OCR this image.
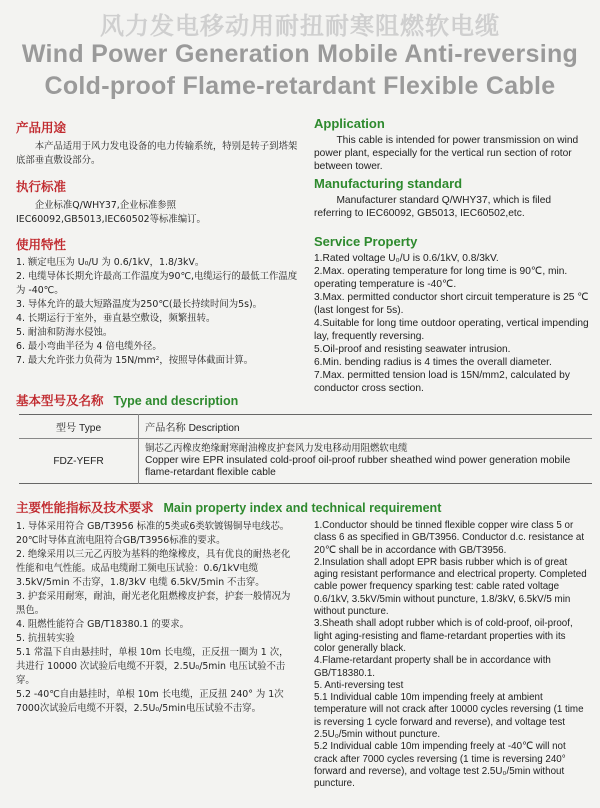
风力发电移动用耐扭耐寒阻燃软电缆
Wind Power Generation Mobile Anti-reversing
Cold-proof Flame-retardant Flexible Cable

产品用途

本产品适用于风力发电设备的电力传输系统，特别是转子到塔架底部垂直敷设部分。

Application

This cable is intended for power transmission on wind power plant, especially for the vertical run section of rotor between tower.

执行标准

企业标准Q/WHY37,企业标准参照IEC60092,GB5013,IEC60502等标准编订。

Manufacturing standard

Manufacturer standard Q/WHY37, which is filed referring to IEC60092, GB5013, IEC60502,etc.

使用特性

1. 额定电压为 U₀/U 为 0.6/1kV，1.8/3kV。
2. 电缆导体长期允许最高工作温度为90℃,电缆运行的最低工作温度为 -40℃。
3. 导体允许的最大短路温度为250℃(最长持续时间为5s)。
4. 长期运行于室外，垂直悬空敷设，频繁扭转。
5. 耐油和防海水侵蚀。
6. 最小弯曲半径为 4 倍电缆外径。
7. 最大允许张力负荷为 15N/mm²，按照导体截面计算。

Service Property

1.Rated voltage U₀/U is 0.6/1kV, 0.8/3kV.
2.Max. operating temperature for long time is 90℃, min. operating temperature is -40℃.
3.Max. permitted conductor short circuit temperature is 25 ℃(last longest for 5s).
4.Suitable for long time outdoor operating, vertical impending lay, frequently reversing.
5.Oil-proof and resisting seawater intrusion.
6.Min. bending radius is 4 times the overall diameter.
7.Max. permitted tension load is 15N/mm2, calculated by conductor cross section.
基本型号及名称 Type and description
型号 Type	产品名称 Description
FDZ-YEFR	铜芯乙丙橡皮绝缘耐寒耐油橡皮护套风力发电移动用阻燃软电缆
Copper wire EPR insulated cold-proof oil-proof rubber sheathed wind power generation mobile flame-retardant flexible cable
主要性能指标及技术要求 Main property index and technical requirement
1. 导体采用符合 GB/T3956 标准的5类或6类软镀锡铜导电线芯。20℃时导体直流电阻符合GB/T3956标准的要求。
2. 绝缘采用以三元乙丙胶为基料的绝缘橡皮，具有优良的耐热老化性能和电气性能。成品电缆耐工频电压试验：0.6/1kV电缆 3.5kV/5min 不击穿，1.8/3kV 电缆 6.5kV/5min 不击穿。
3. 护套采用耐寒，耐油，耐光老化阻燃橡皮护套，护套一般情况为黑色。
4. 阻燃性能符合 GB/T18380.1 的要求。
5. 抗扭转实验
5.1 常温下自由悬挂时，单根 10m 长电缆，正反扭一圈为 1 次，共进行 10000 次试验后电缆不开裂，2.5U₀/5min 电压试验不击穿。
5.2 -40℃自由悬挂时，单根 10m 长电缆，正反扭 240° 为 1次7000次试验后电缆不开裂，2.5U₀/5min电压试验不击穿。
1.Conductor should be tinned flexible copper wire class 5 or class 6 as specified in GB/T3956. Conductor d.c. resistance at 20℃ shall be in accordance with GB/T3956.
2.Insulation shall adopt EPR basis rubber which is of great aging resistant performance and electrical property. Completed cable power frequency sparking test: cable rated voltage 0.6/1kV, 3.5kV/5min without puncture, 1.8/3kV, 6.5kV/5 min without puncture.
3.Sheath shall adopt rubber which is of cold-proof, oil-proof, light aging-resisting and flame-retardant properties with its color generally black.
4.Flame-retardant property shall be in accordance with GB/T18380.1.
5. Anti-reversing test
5.1 Individual cable 10m impending freely at ambient temperature will not crack after 10000 cycles reversing (1 time is reversing 1 cycle forward and reverse), and voltage test 2.5U₀/5min without puncture.
5.2 Individual cable 10m impending freely at -40℃ will not crack after 7000 cycles reversing (1 time is reversing 240° forward and reverse), and voltage test 2.5U₀/5min without puncture.
